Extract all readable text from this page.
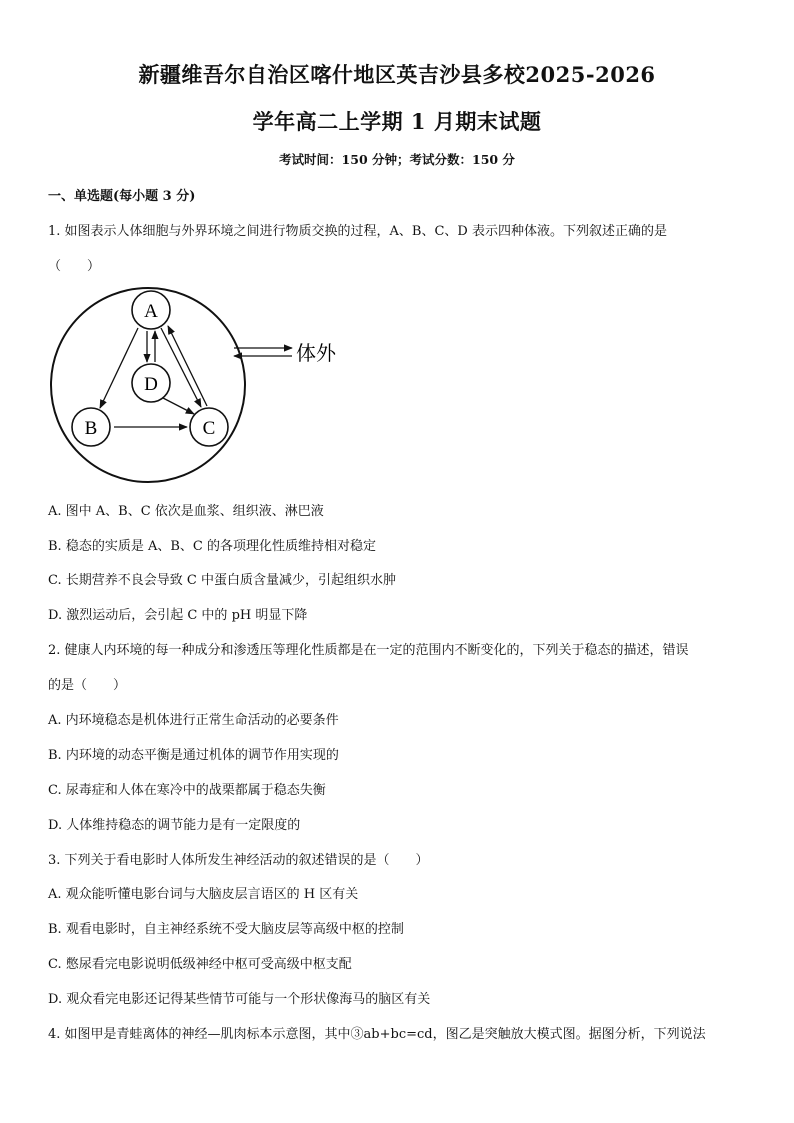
新疆维吾尔自治区喀什地区英吉沙县多校2025-2026
学年高二上学期 1 月期末试题
考试时间：150 分钟；考试分数：150 分
一、单选题(每小题 3 分)
1. 如图表示人体细胞与外界环境之间进行物质交换的过程，A、B、C、D 表示四种体液。下列叙述正确的是
（　　）
A
D
B	C
体外
A. 图中 A、B、C 依次是血浆、组织液、淋巴液
B. 稳态的实质是 A、B、C 的各项理化性质维持相对稳定
C. 长期营养不良会导致 C 中蛋白质含量减少，引起组织水肿
D. 激烈运动后，会引起 C 中的 pH 明显下降
2. 健康人内环境的每一种成分和渗透压等理化性质都是在一定的范围内不断变化的，下列关于稳态的描述，错误
的是（　　）
A. 内环境稳态是机体进行正常生命活动的必要条件
B. 内环境的动态平衡是通过机体的调节作用实现的
C. 尿毒症和人体在寒冷中的战栗都属于稳态失衡
D. 人体维持稳态的调节能力是有一定限度的
3. 下列关于看电影时人体所发生神经活动的叙述错误的是（　　）
A. 观众能听懂电影台词与大脑皮层言语区的 H 区有关
B. 观看电影时，自主神经系统不受大脑皮层等高级中枢的控制
C. 憋尿看完电影说明低级神经中枢可受高级中枢支配
D. 观众看完电影还记得某些情节可能与一个形状像海马的脑区有关
4. 如图甲是青蛙离体的神经—肌肉标本示意图，其中③ab+bc=cd，图乙是突触放大模式图。据图分析，下列说法
